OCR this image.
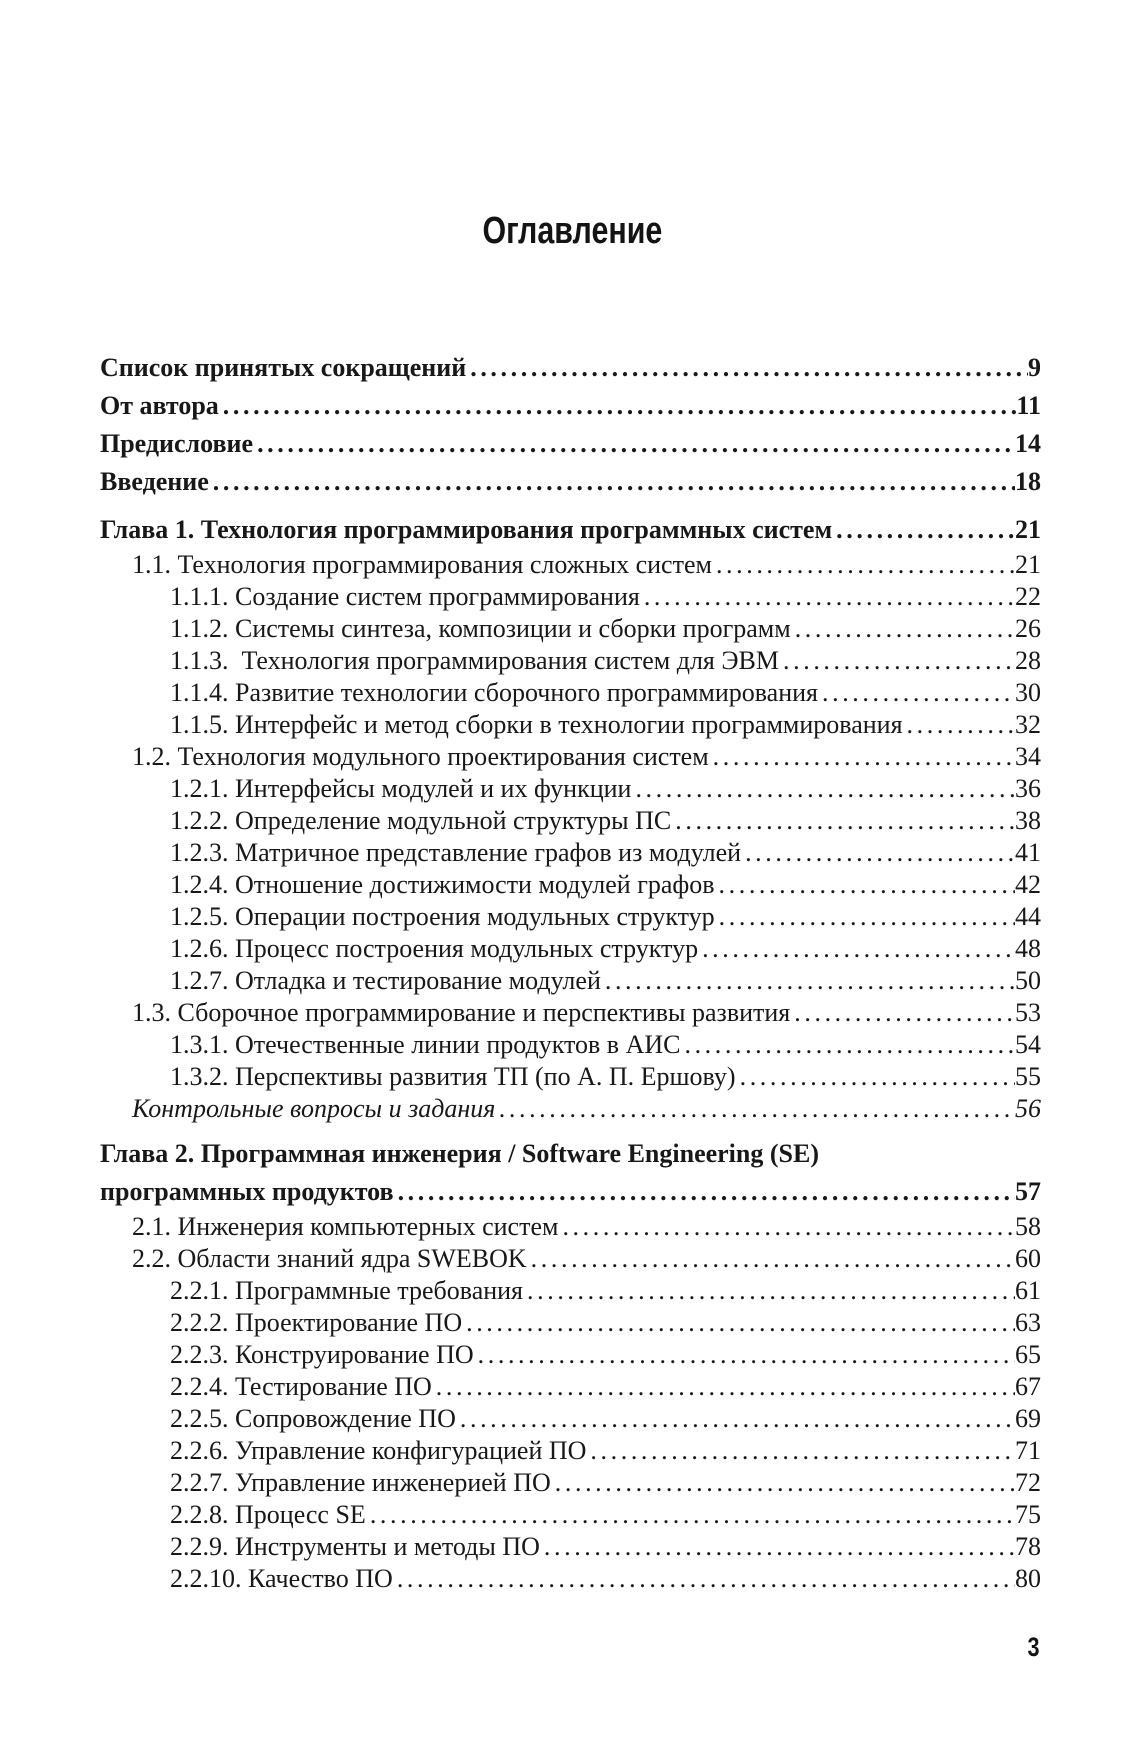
Оглавление
Список принятых сокращений .....	9
От автора .....	11
Предисловие .....	14
Введение .....	18
Глава 1. Технология программирования программных систем .....	21
1.1. Технология программирования сложных систем .....	21
1.1.1. Создание систем программирования .....	22
1.1.2. Системы синтеза, композиции и сборки программ .....	26
1.1.3.  Технология программирования систем для ЭВМ .....	28
1.1.4. Развитие технологии сборочного программирования .....	30
1.1.5. Интерфейс и метод сборки в технологии программирования .....	32
1.2. Технология модульного проектирования систем .....	34
1.2.1. Интерфейсы модулей и их функции .....	36
1.2.2. Определение модульной структуры ПС .....	38
1.2.3. Матричное представление графов из модулей .....	41
1.2.4. Отношение достижимости модулей графов .....	42
1.2.5. Операции построения модульных структур .....	44
1.2.6. Процесс построения модульных структур .....	48
1.2.7. Отладка и тестирование модулей .....	50
1.3. Сборочное программирование и перспективы развития .....	53
1.3.1. Отечественные линии продуктов в АИС .....	54
1.3.2. Перспективы развития ТП (по А. П. Ершову) .....	55
Контрольные вопросы и задания .....	56
Глава 2. Программная инженерия / Software Engineering (SE)
программных продуктов .....	57
2.1. Инженерия компьютерных систем .....	58
2.2. Области знаний ядра SWEBOK .....	60
2.2.1. Программные требования .....	61
2.2.2. Проектирование ПО .....	63
2.2.3. Конструирование ПО .....	65
2.2.4. Тестирование ПО .....	67
2.2.5. Сопровождение ПО .....	69
2.2.6. Управление конфигурацией ПО .....	71
2.2.7. Управление инженерией ПО .....	72
2.2.8. Процесс SE .....	75
2.2.9. Инструменты и методы ПО .....	78
2.2.10. Качество ПО .....	80
3
